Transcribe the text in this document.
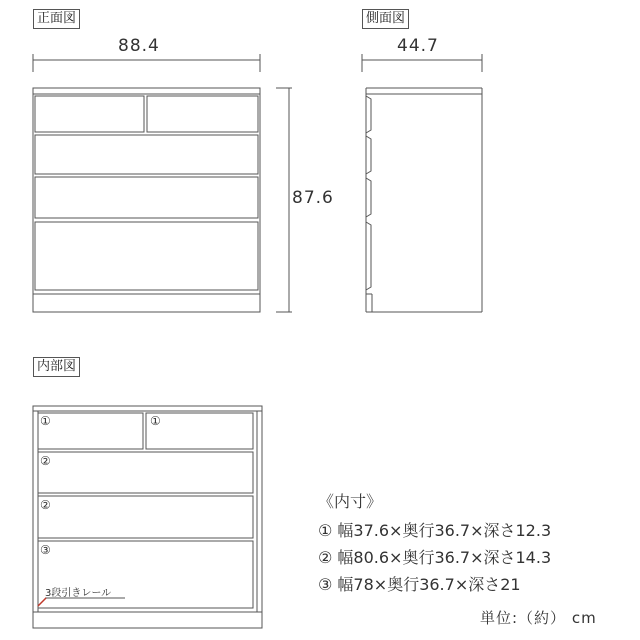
正面図	側面図
内部図
88.4	44.7
87.6
①	①
②
②
③
3段引きレール
《内寸》
① 幅37.6×奥行36.7×深さ12.3
② 幅80.6×奥行36.7×深さ14.3
③ 幅78×奥行36.7×深さ21
単位:（約） cm
